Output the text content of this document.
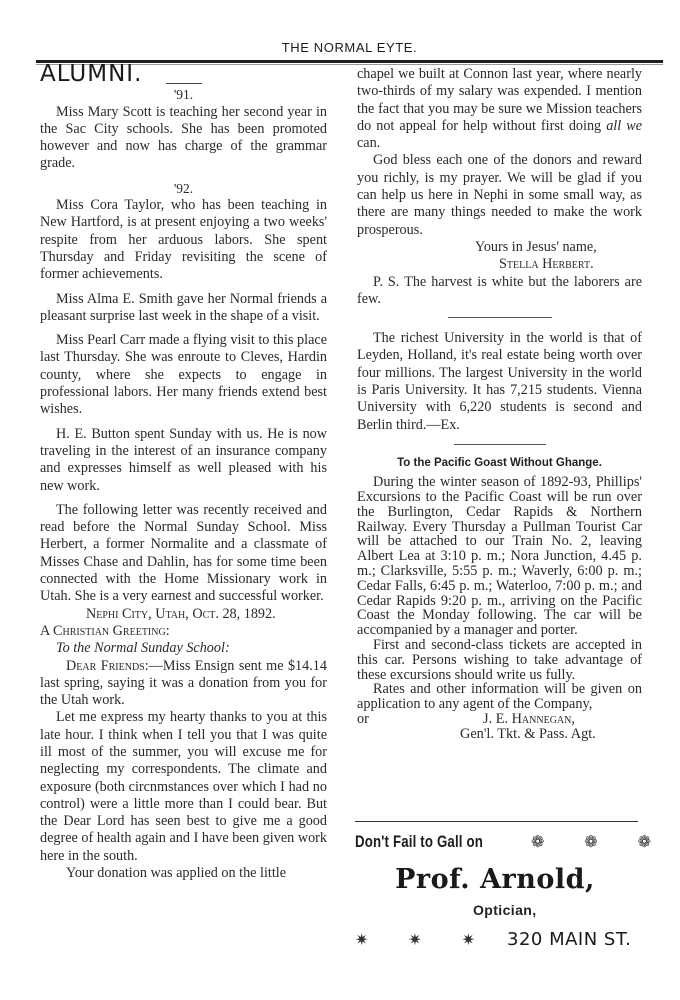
THE NORMAL EYTE.

ALUMNI.

'91.

Miss Mary Scott is teaching her second year in the Sac City schools. She has been promoted however and now has charge of the grammar grade.

'92.

Miss Cora Taylor, who has been teaching in New Hartford, is at present enjoying a two weeks' respite from her arduous labors. She spent Thursday and Friday revisiting the scene of former achievements.

Miss Alma E. Smith gave her Normal friends a pleasant surprise last week in the shape of a visit.

Miss Pearl Carr made a flying visit to this place last Thursday. She was enroute to Cleves, Hardin county, where she expects to engage in professional labors. Her many friends extend best wishes.

H. E. Button spent Sunday with us. He is now traveling in the interest of an insurance company and expresses himself as well pleased with his new work.

The following letter was recently received and read before the Normal Sunday School. Miss Herbert, a former Normalite and a classmate of Misses Chase and Dahlin, has for some time been connected with the Home Missionary work in Utah. She is a very earnest and successful worker.

Nephi City, Utah, Oct. 28, 1892.

A Christian Greeting:

To the Normal Sunday School:

Dear Friends:—Miss Ensign sent me $14.14 last spring, saying it was a donation from you for the Utah work.

Let me express my hearty thanks to you at this late hour. I think when I tell you that I was quite ill most of the summer, you will excuse me for neglecting my correspondents. The climate and exposure (both circnmstances over which I had no control) were a little more than I could bear. But the Dear Lord has seen best to give me a good degree of health again and I have been given work here in the south.

Your donation was applied on the little

chapel we built at Connon last year, where nearly two-thirds of my salary was expended. I mention the fact that you may be sure we Mission teachers do not appeal for help without first doing all we can.

God bless each one of the donors and reward you richly, is my prayer. We will be glad if you can help us here in Nephi in some small way, as there are many things needed to make the work prosperous.

Yours in Jesus' name,

Stella Herbert.

P. S. The harvest is white but the laborers are few.

The richest University in the world is that of Leyden, Holland, it's real estate being worth over four millions. The largest University in the world is Paris University. It has 7,215 students. Vienna University with 6,220 students is second and Berlin third.—Ex.

To the Pacific Goast Without Ghange.

During the winter season of 1892-93, Phillips' Excursions to the Pacific Coast will be run over the Burlington, Cedar Rapids & Northern Railway. Every Thursday a Pullman Tourist Car will be attached to our Train No. 2, leaving Albert Lea at 3:10 p. m.; Nora Junction, 4.45 p. m.; Clarksville, 5:55 p. m.; Waverly, 6:00 p. m.; Cedar Falls, 6:45 p. m.; Waterloo, 7:00 p. m.; and Cedar Rapids 9:20 p. m., arriving on the Pacific Coast the Monday following. The car will be accompanied by a manager and porter.

First and second-class tickets are accepted in this car. Persons wishing to take advantage of these excursions should write us fully.

Rates and other information will be given on application to any agent of the Company,

or	J. E. Hannegan,

Gen'l. Tkt. & Pass. Agt.

Don't Fail to Gall on	❁ ❁ ❁
Prof. Arnold,
Optician,
✷ ✷ ✷ 320 MAIN ST.
